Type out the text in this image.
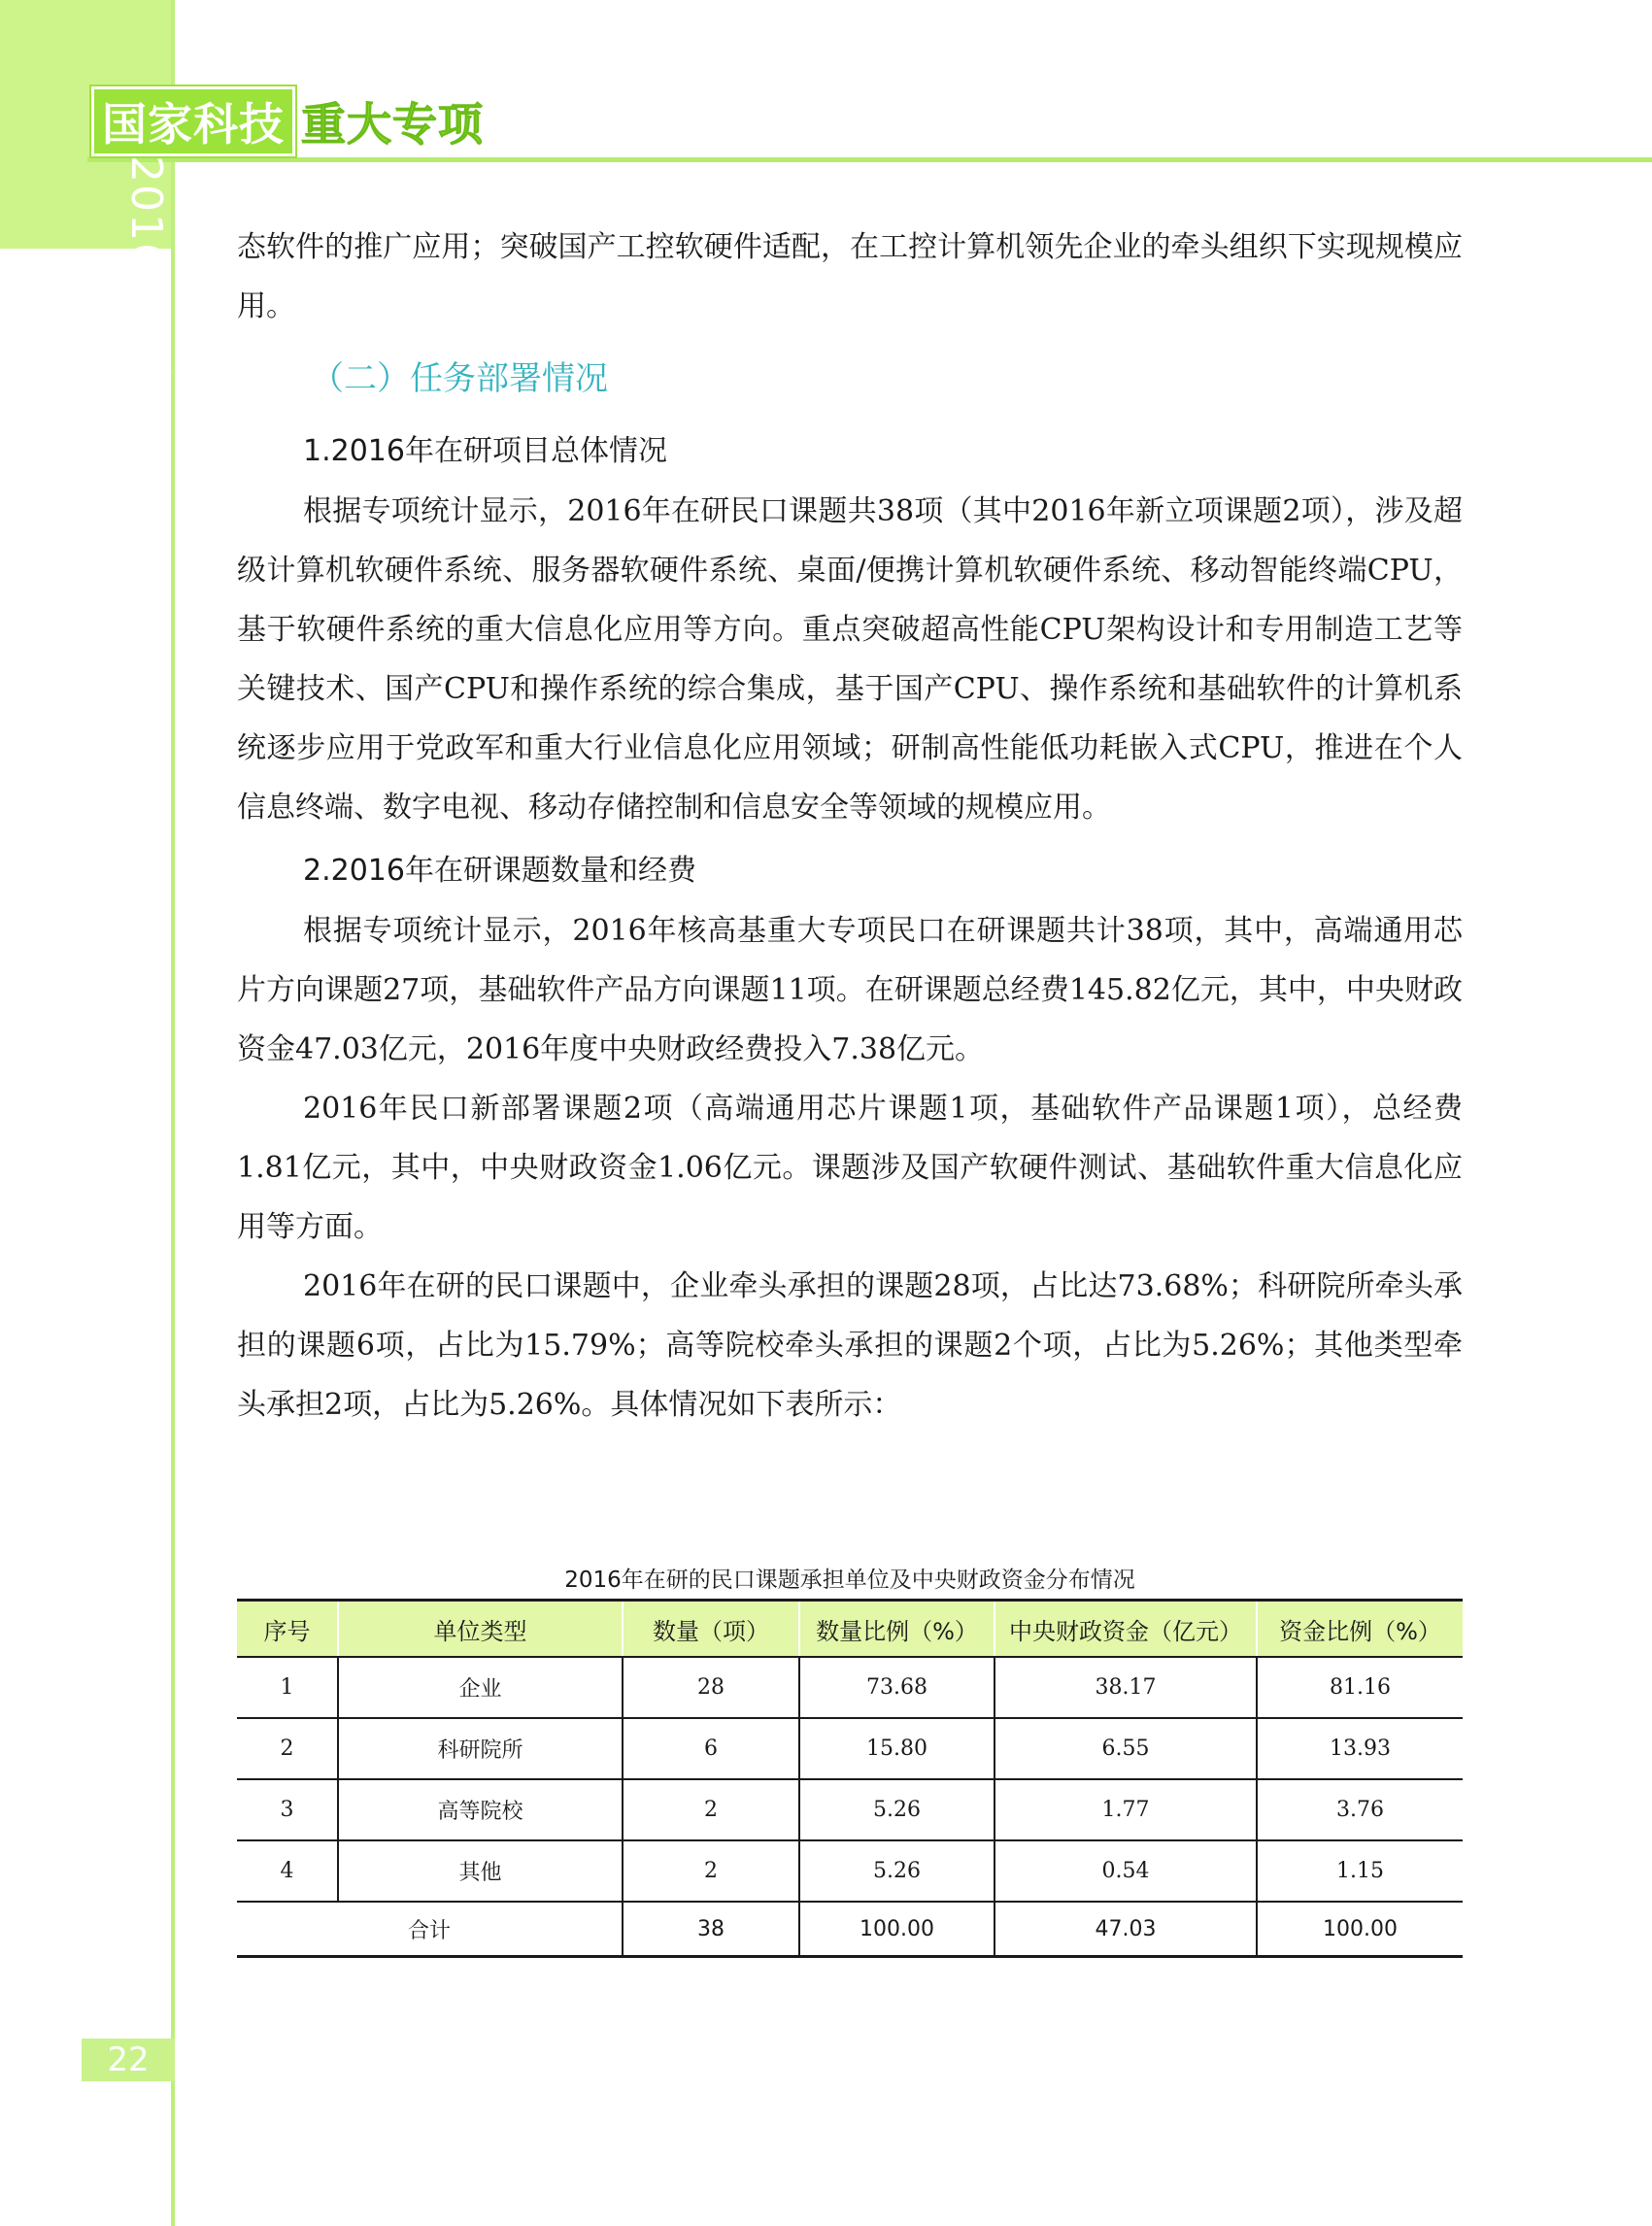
国家科技 重大专项
2016 年度报告

态软件的推广应用；突破国产工控软硬件适配，在工控计算机领先企业的牵头组织下实现规模应用。

（二）任务部署情况
1.2016年在研项目总体情况

根据专项统计显示，2016年在研民口课题共38项（其中2016年新立项课题2项），涉及超级计算机软硬件系统、服务器软硬件系统、桌面/便携计算机软硬件系统、移动智能终端CPU，基于软硬件系统的重大信息化应用等方向。重点突破超高性能CPU架构设计和专用制造工艺等关键技术、国产CPU和操作系统的综合集成，基于国产CPU、操作系统和基础软件的计算机系统逐步应用于党政军和重大行业信息化应用领域；研制高性能低功耗嵌入式CPU，推进在个人信息终端、数字电视、移动存储控制和信息安全等领域的规模应用。

2.2016年在研课题数量和经费

根据专项统计显示，2016年核高基重大专项民口在研课题共计38项，其中，高端通用芯片方向课题27项，基础软件产品方向课题11项。在研课题总经费145.82亿元，其中，中央财政资金47.03亿元，2016年度中央财政经费投入7.38亿元。

2016年民口新部署课题2项（高端通用芯片课题1项，基础软件产品课题1项），总经费1.81亿元，其中，中央财政资金1.06亿元。课题涉及国产软硬件测试、基础软件重大信息化应用等方面。

2016年在研的民口课题中，企业牵头承担的课题28项，占比达73.68%；科研院所牵头承担的课题6项，占比为15.79%；高等院校牵头承担的课题2个项，占比为5.26%；其他类型牵头承担2项，占比为5.26%。具体情况如下表所示：

2016年在研的民口课题承担单位及中央财政资金分布情况
序号	单位类型	数量（项）	数量比例（%）	中央财政资金（亿元）	资金比例（%）
1	企业	28	73.68	38.17	81.16
2	科研院所	6	15.80	6.55	13.93
3	高等院校	2	5.26	1.77	3.76
4	其他	2	5.26	0.54	1.15
合计		38	100.00	47.03	100.00
22
